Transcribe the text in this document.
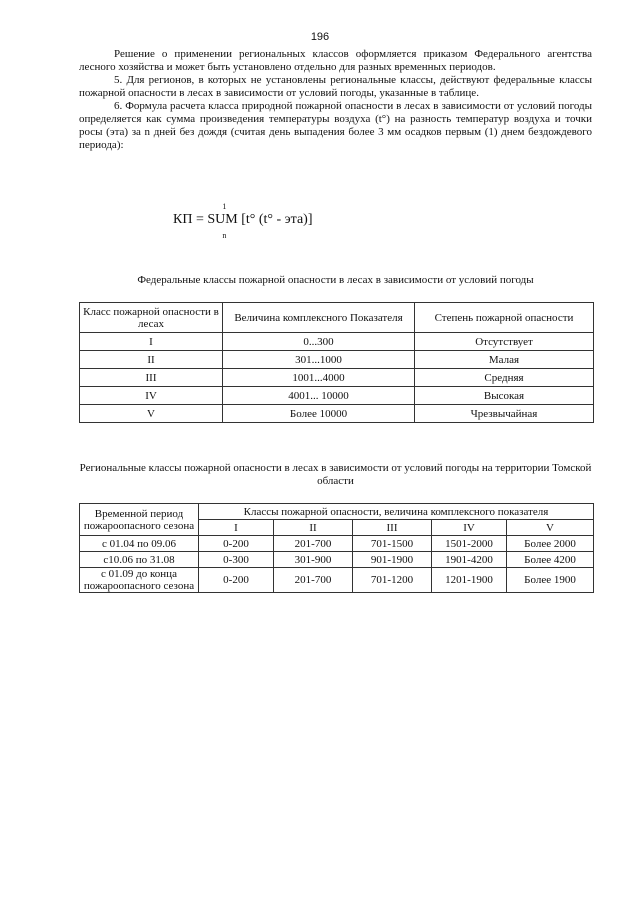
196

Решение о применении региональных классов оформляется приказом Федерального агентства лесного хозяйства и может быть установлено отдельно для разных временных периодов.

5. Для регионов, в которых не установлены региональные классы, действуют федеральные классы пожарной опасности в лесах в зависимости от условий погоды, указанные в таблице.

6. Формула расчета класса природной пожарной опасности в лесах в зависимости от условий погоды определяется как сумма произведения температуры воздуха (t°) на разность температур воздуха и точки росы (эта) за n дней без дождя (считая день выпадения более 3 мм осадков первым (1) днем бездождевого периода):

КП = SUM
1
n
[t° (t° - эта)]
Федеральные классы пожарной опасности в лесах в зависимости от условий погоды
Класс пожарной опасности в лесах	Величина комплексного Показателя	Степень пожарной опасности
I	0...300	Отсутствует
II	301...1000	Малая
III	1001...4000	Средняя
IV	4001... 10000	Высокая
V	Более 10000	Чрезвычайная
Региональные классы пожарной опасности в лесах в зависимости от условий погоды на территории Томской области
Временной период пожароопасного сезона	Классы пожарной опасности, величина комплексного показателя				
	I	II	III	IV	V
с 01.04 по 09.06	0-200	201-700	701-1500	1501-2000	Более 2000
с10.06 по 31.08	0-300	301-900	901-1900	1901-4200	Более 4200
с 01.09 до конца пожароопасного сезона	0-200	201-700	701-1200	1201-1900	Более 1900
